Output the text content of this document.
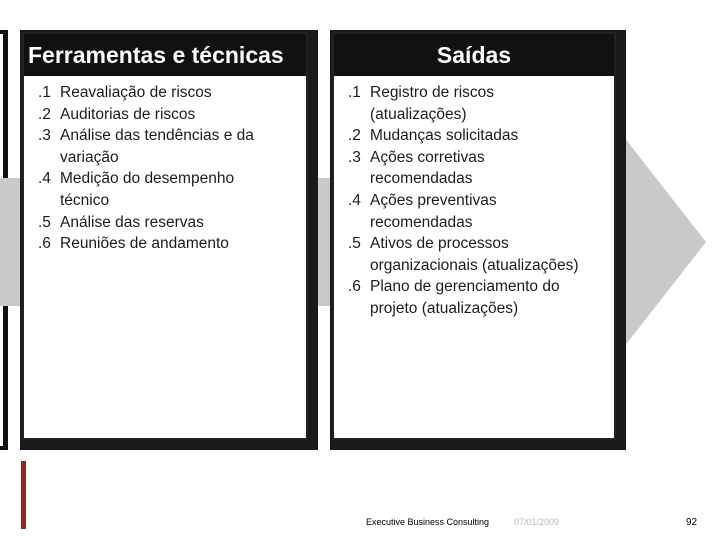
Ferramentas e técnicas
.1 Reavaliação de riscos
.2 Auditorias de riscos
.3 Análise das tendências e da variação
.4 Medição do desempenho técnico
.5 Análise das reservas
.6 Reuniões de andamento
Saídas
.1 Registro de riscos (atualizações)
.2 Mudanças solicitadas
.3 Ações corretivas recomendadas
.4 Ações preventivas recomendadas
.5 Ativos de processos organizacionais (atualizações)
.6 Plano de gerenciamento do projeto (atualizações)
Executive Business Consulting	07/01/2009	92
